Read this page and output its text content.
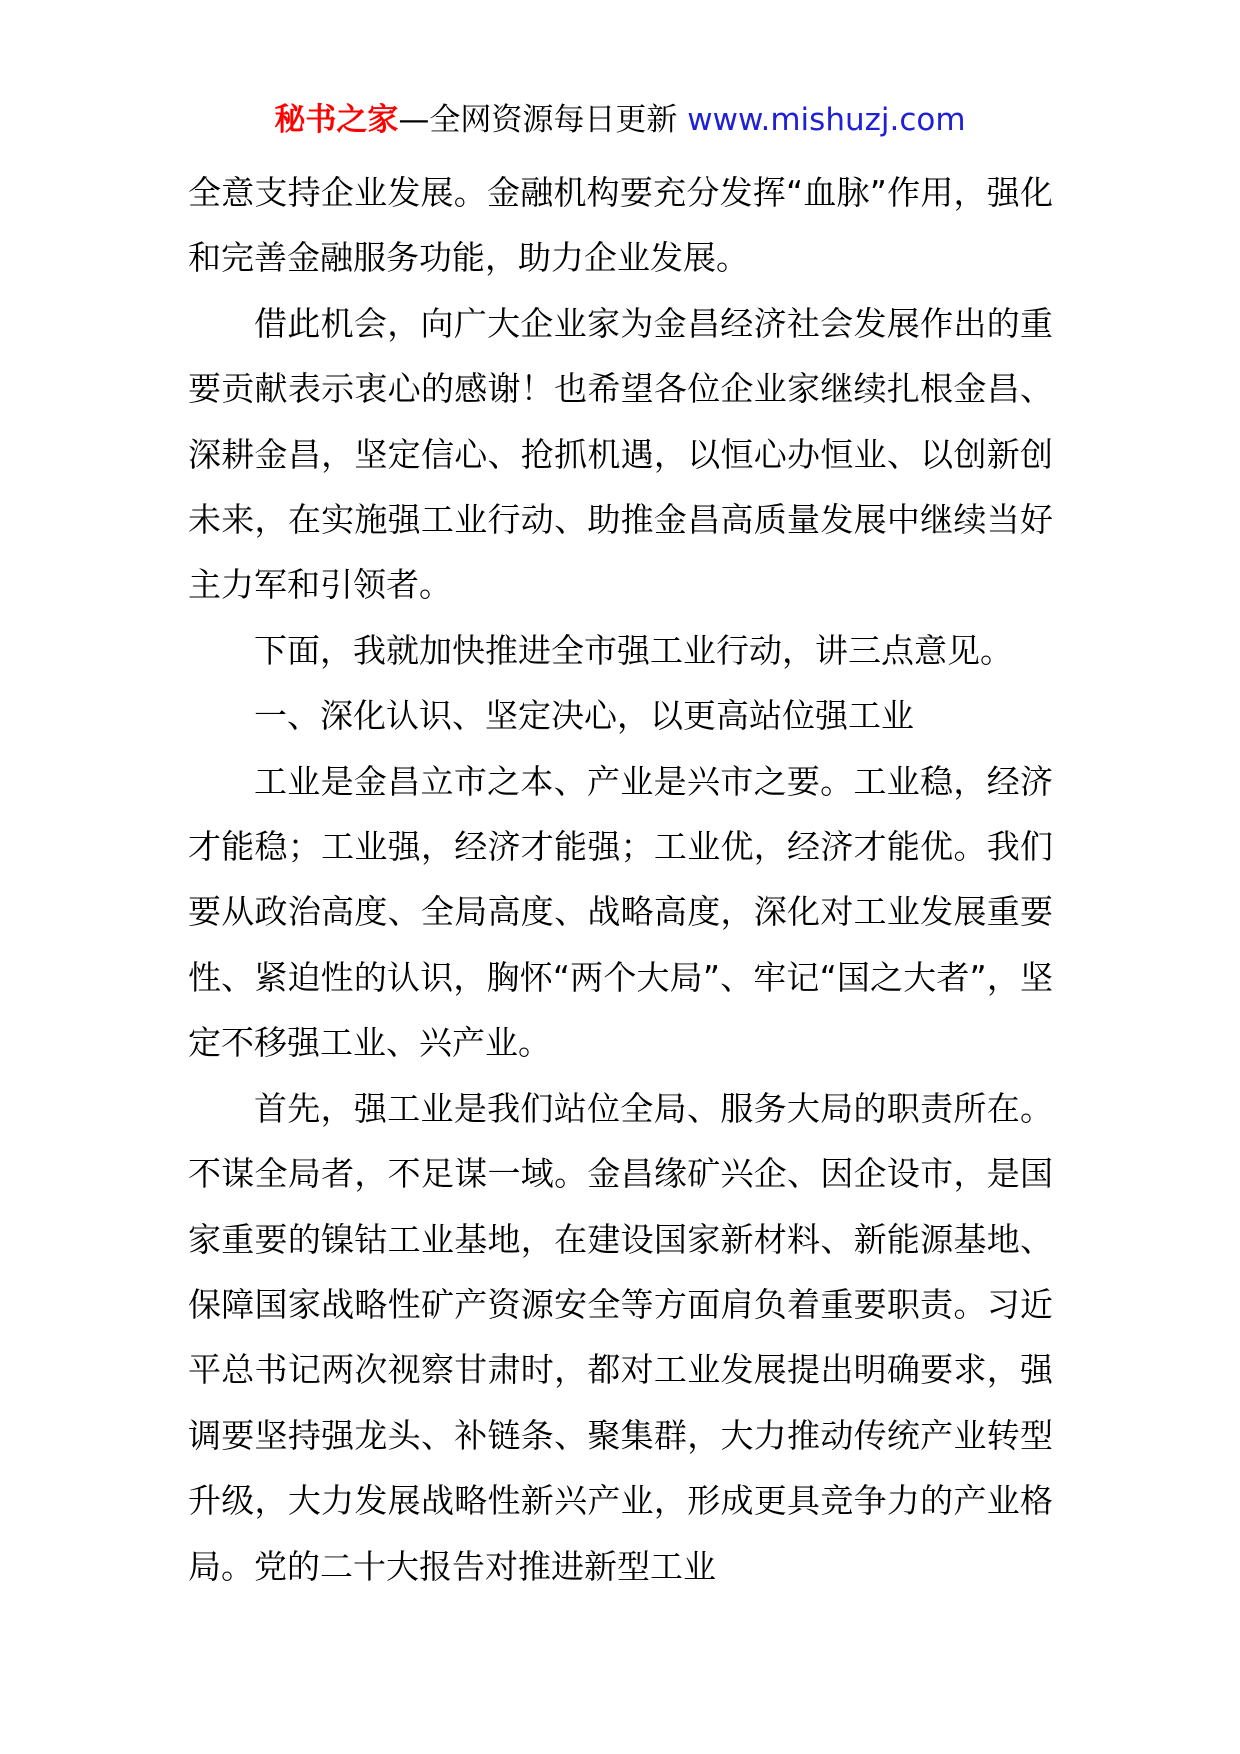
秘书之家—全网资源每日更新 www.mishuzj.com

全意支持企业发展。金融机构要充分发挥“血脉”作用，强化和完善金融服务功能，助力企业发展。

借此机会，向广大企业家为金昌经济社会发展作出的重要贡献表示衷心的感谢！也希望各位企业家继续扎根金昌、深耕金昌，坚定信心、抢抓机遇，以恒心办恒业、以创新创未来，在实施强工业行动、助推金昌高质量发展中继续当好主力军和引领者。

下面，我就加快推进全市强工业行动，讲三点意见。

一、深化认识、坚定决心，以更高站位强工业

工业是金昌立市之本、产业是兴市之要。工业稳，经济才能稳；工业强，经济才能强；工业优，经济才能优。我们要从政治高度、全局高度、战略高度，深化对工业发展重要性、紧迫性的认识，胸怀“两个大局”、牢记“国之大者”，坚定不移强工业、兴产业。

首先，强工业是我们站位全局、服务大局的职责所在。不谋全局者，不足谋一域。金昌缘矿兴企、因企设市，是国家重要的镍钴工业基地，在建设国家新材料、新能源基地、保障国家战略性矿产资源安全等方面肩负着重要职责。习近平总书记两次视察甘肃时，都对工业发展提出明确要求，强调要坚持强龙头、补链条、聚集群，大力推动传统产业转型升级，大力发展战略性新兴产业，形成更具竞争力的产业格局。党的二十大报告对推进新型工业
